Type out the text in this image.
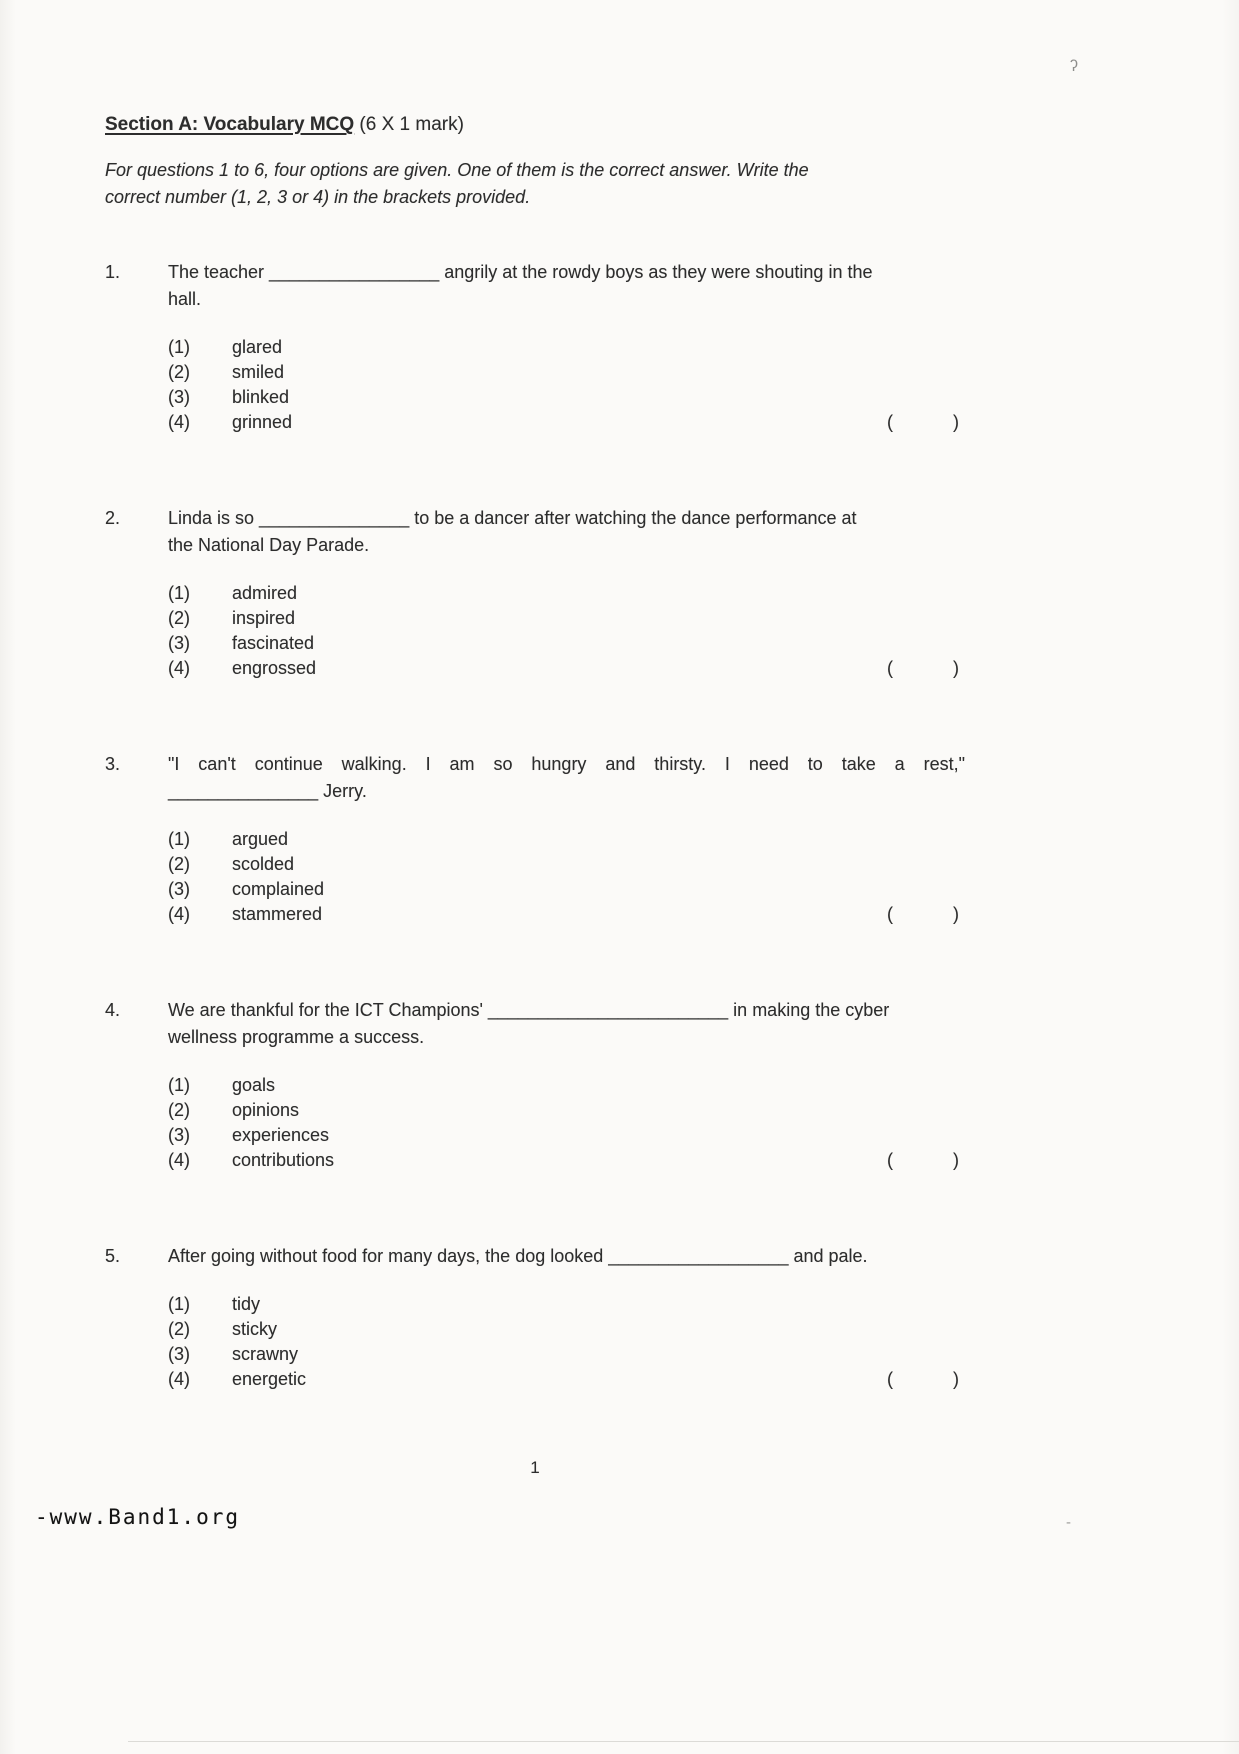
Section A: Vocabulary MCQ (6 X 1 mark)
For questions 1 to 6, four options are given. One of them is the correct answer. Write the
correct number (1, 2, 3 or 4) in the brackets provided.
1.	The teacher _________________ angrily at the rowdy boys as they were shouting in the
hall.
(1) glared
(2) smiled
(3) blinked
(4) grinned	(	)
2.	Linda is so _______________ to be a dancer after watching the dance performance at
the National Day Parade.
(1) admired
(2) inspired
(3) fascinated
(4) engrossed	(	)
3.	"I can't continue walking. I am so hungry and thirsty. I need to take a rest,"
_______________ Jerry.
(1) argued
(2) scolded
(3) complained
(4) stammered	(	)
4.	We are thankful for the ICT Champions' ________________________ in making the cyber
wellness programme a success.
(1) goals
(2) opinions
(3) experiences
(4) contributions	(	)
5.	After going without food for many days, the dog looked __________________ and pale.
(1) tidy
(2) sticky
(3) scrawny
(4) energetic	(	)
1
-www.Band1.org
ʔ
-
